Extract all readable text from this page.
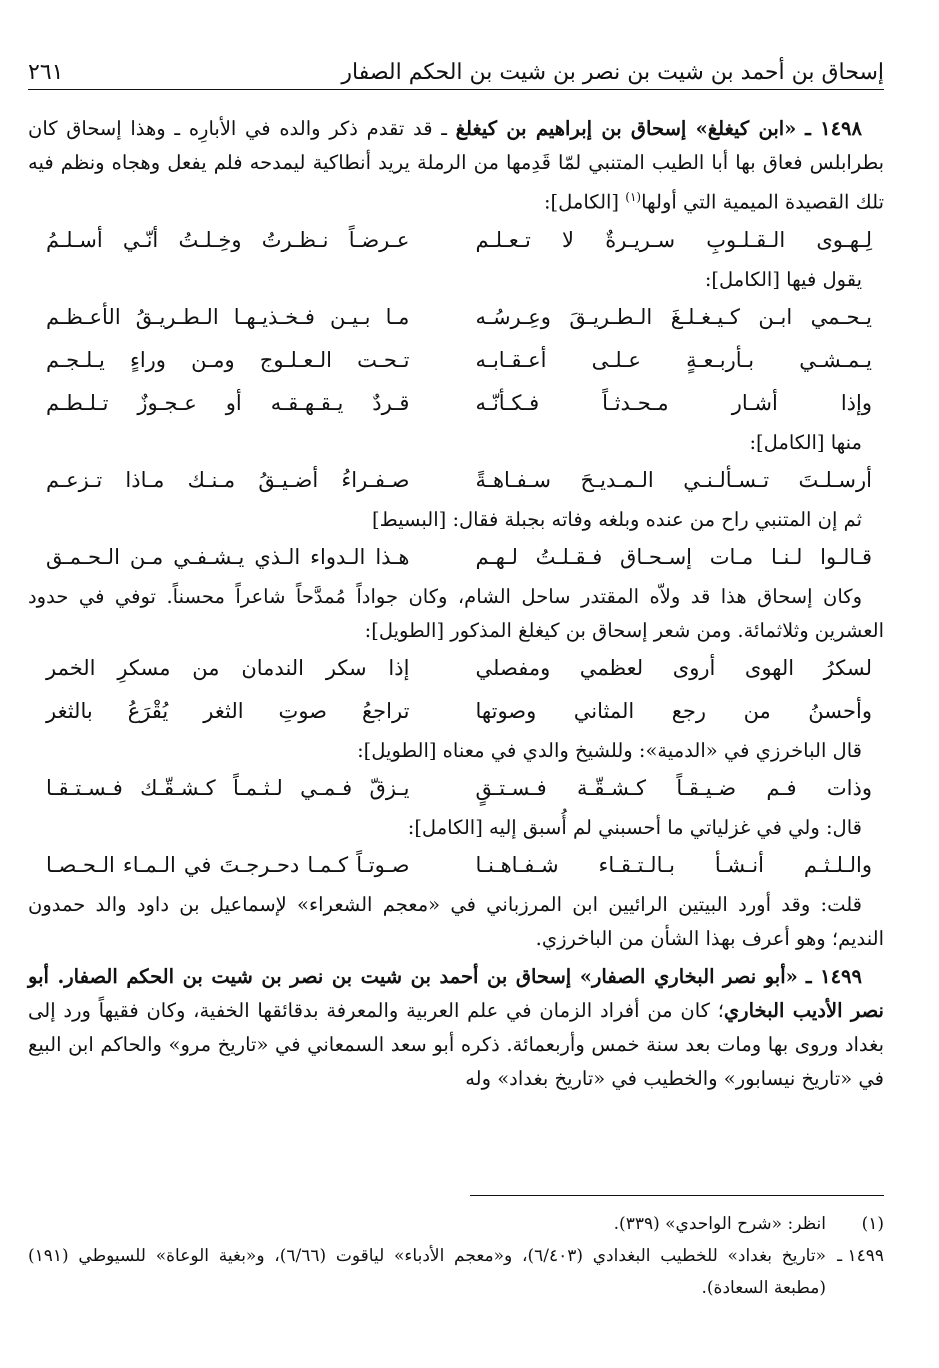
إسحاق بن أحمد بن شيت بن نصر بن شيت بن الحكم الصفار
٢٦١

١٤٩٨ ـ «ابن كيغلغ» إسحاق بن إبراهيم بن كيغلغ ـ قد تقدم ذكر والده في الأبارِه ـ وهذا إسحاق كان بطرابلس فعاق بها أبا الطيب المتنبي لمّا قَدِمها من الرملة يريد أنطاكية ليمدحه فلم يفعل وهجاه ونظم فيه تلك القصيدة الميمية التي أولها$^{(١)}$ [الكامل]:

لِـهـوى الـقـلـوبِ سـريـرةٌ لا تـعـلـم
عـرضـاً نـظـرتُ وخِـلـتُ أنّـي أسـلـمُ

يقول فيها [الكامل]:

يـحـمي ابـن كـيـغـلـغَ الـطـريـقَ وعِـرسُـه
مـا بـيـن فـخـذيـهـا الـطـريـقُ الأعـظـم
يـمـشـي بـأربـعـةٍ عـلـى أعـقـابـه
تـحـت الـعـلـوج ومـن وراءٍ يـلـجـم
وإذا أشـار مـحـدثـاً فـكـأنّـه
قـردٌ يـقـهـقـه أو عـجـوزٌ تـلـطـم

منها [الكامل]:

أرسـلـتَ تـسـألـنـي الـمـديـحَ سـفـاهـةً
صـفـراءُ أضـيـقُ مـنـك مـاذا تـزعـم

ثم إن المتنبي راح من عنده وبلغه وفاته بجبلة فقال: [البسيط]

قـالـوا لـنـا مـات إسـحـاق فـقـلـتُ لـهـم
هـذا الـدواء الـذي يـشـفـي مـن الـحـمـق

وكان إسحاق هذا قد ولاّه المقتدر ساحل الشام، وكان جواداً مُمدَّحاً شاعراً محسناً. توفي في حدود العشرين وثلاثمائة. ومن شعر إسحاق بن كيغلغ المذكور [الطويل]:

لسكرُ الهوى أروى لعظمي ومفصلي
إذا سكر الندمان من مسكرِ الخمر
وأحسنُ من رجع المثاني وصوتها
تراجعُ صوتِ الثغر يُقْرَعُ بالثغر

قال الباخرزي في «الدمية»: وللشيخ والدي في معناه [الطويل]:

وذات فـم ضـيـقـاً كـشـقّـة فـسـتـقٍ
يـزقّ فـمـي لـثـمـاً كـشـقّـك فـسـتـقـا

قال: ولي في غزلياتي ما أحسبني لم أُسبق إليه [الكامل]:

والـلـثـم أنـشـأ بـالـتـقـاء شـفـاهـنـا
صـوتـاً كـمـا دحـرجـتَ في الـمـاء الـحـصـا

قلت: وقد أورد البيتين الرائيين ابن المرزباني في «معجم الشعراء» لإسماعيل بن داود والد حمدون النديم؛ وهو أعرف بهذا الشأن من الباخرزي.

١٤٩٩ ـ «أبو نصر البخاري الصفار» إسحاق بن أحمد بن شيت بن نصر بن شيت بن الحكم الصفار. أبو نصر الأديب البخاري؛ كان من أفراد الزمان في علم العربية والمعرفة بدقائقها الخفية، وكان فقيهاً ورد إلى بغداد وروى بها ومات بعد سنة خمس وأربعمائة. ذكره أبو سعد السمعاني في «تاريخ مرو» والحاكم ابن البيع في «تاريخ نيسابور» والخطيب في «تاريخ بغداد» وله

(١)
انظر: «شرح الواحدي» (٣٣٩).
١٤٩٩ ـ
«تاريخ بغداد» للخطيب البغدادي (٦/٤٠٣)، و«معجم الأدباء» لياقوت (٦/٦٦)، و«بغية الوعاة» للسيوطي (١٩١) (مطبعة السعادة).
